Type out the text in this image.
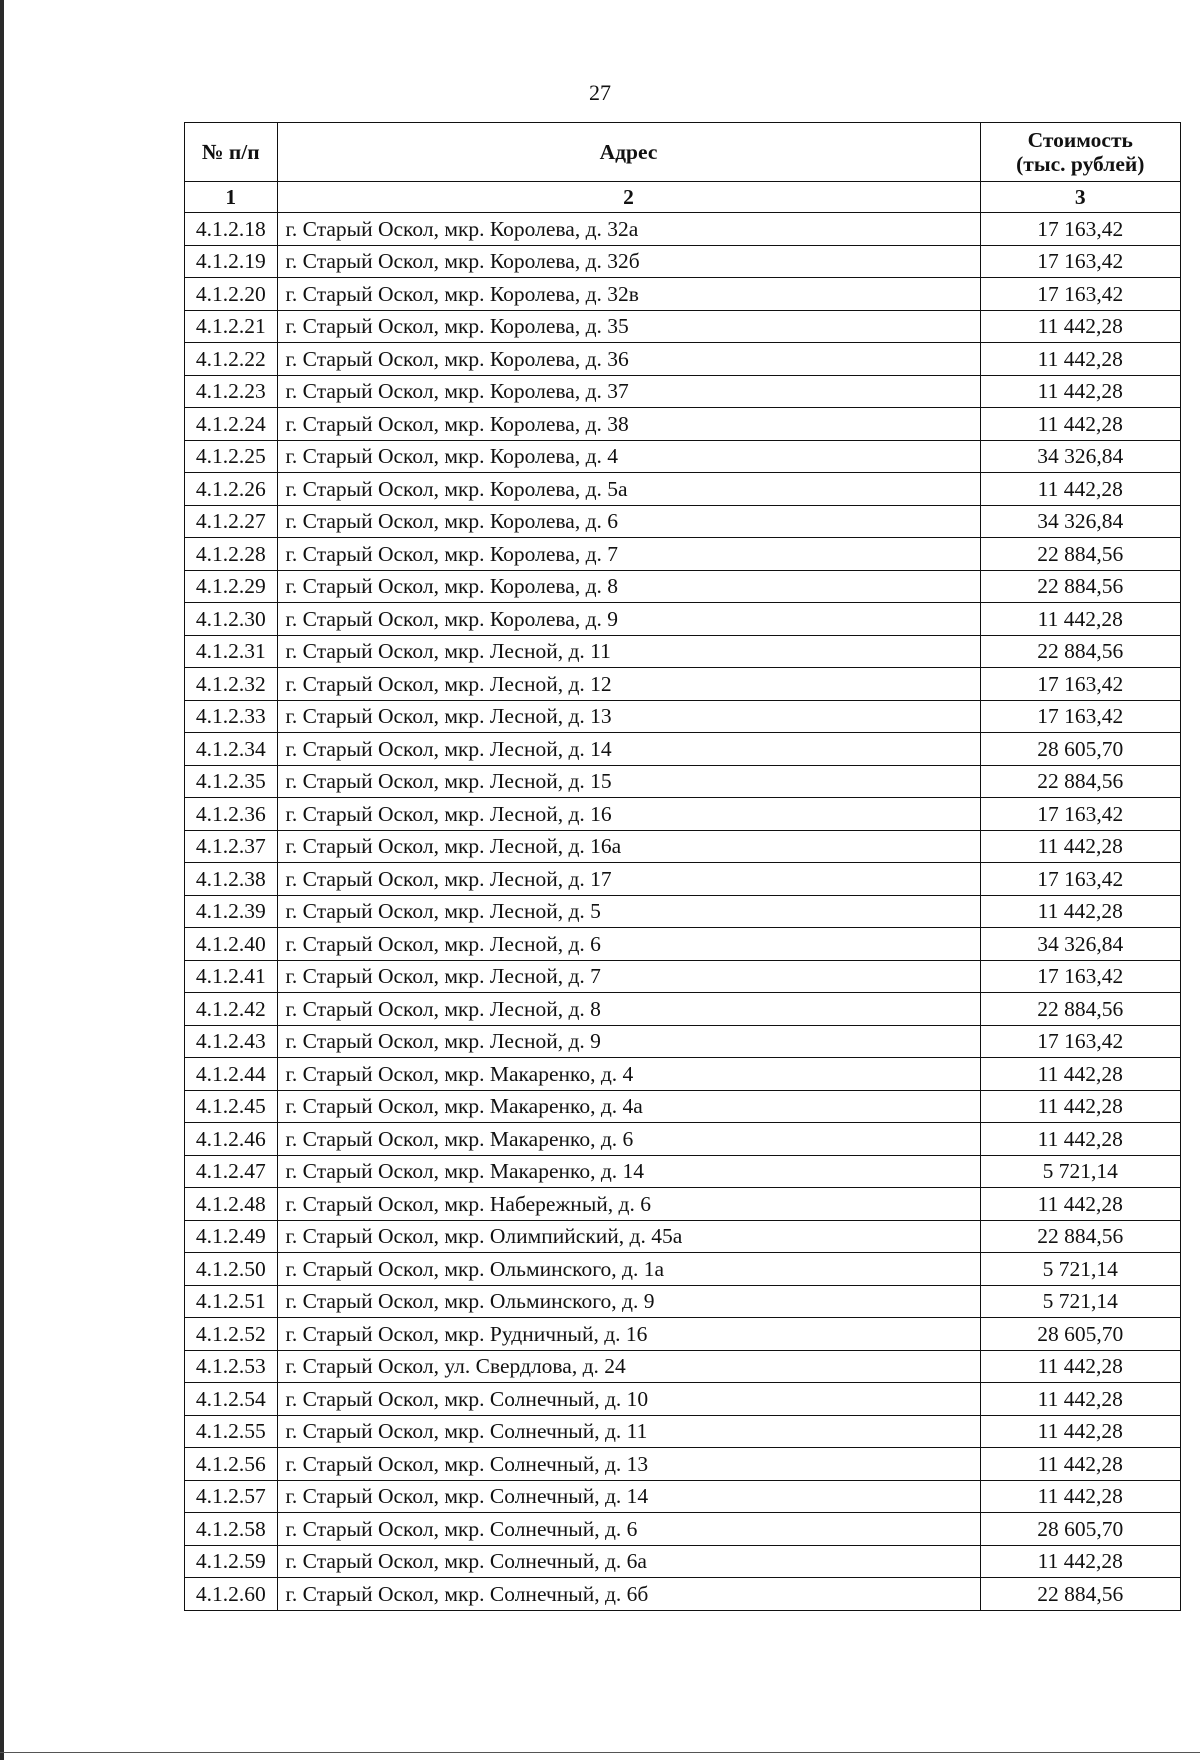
27
№ п/п	Адрес	Стоимость
(тыс. рублей)
1	2	3
4.1.2.18	г. Старый Оскол, мкр. Королева, д. 32а	17 163,42
4.1.2.19	г. Старый Оскол, мкр. Королева, д. 32б	17 163,42
4.1.2.20	г. Старый Оскол, мкр. Королева, д. 32в	17 163,42
4.1.2.21	г. Старый Оскол, мкр. Королева, д. 35	11 442,28
4.1.2.22	г. Старый Оскол, мкр. Королева, д. 36	11 442,28
4.1.2.23	г. Старый Оскол, мкр. Королева, д. 37	11 442,28
4.1.2.24	г. Старый Оскол, мкр. Королева, д. 38	11 442,28
4.1.2.25	г. Старый Оскол, мкр. Королева, д. 4	34 326,84
4.1.2.26	г. Старый Оскол, мкр. Королева, д. 5а	11 442,28
4.1.2.27	г. Старый Оскол, мкр. Королева, д. 6	34 326,84
4.1.2.28	г. Старый Оскол, мкр. Королева, д. 7	22 884,56
4.1.2.29	г. Старый Оскол, мкр. Королева, д. 8	22 884,56
4.1.2.30	г. Старый Оскол, мкр. Королева, д. 9	11 442,28
4.1.2.31	г. Старый Оскол, мкр. Лесной, д. 11	22 884,56
4.1.2.32	г. Старый Оскол, мкр. Лесной, д. 12	17 163,42
4.1.2.33	г. Старый Оскол, мкр. Лесной, д. 13	17 163,42
4.1.2.34	г. Старый Оскол, мкр. Лесной, д. 14	28 605,70
4.1.2.35	г. Старый Оскол, мкр. Лесной, д. 15	22 884,56
4.1.2.36	г. Старый Оскол, мкр. Лесной, д. 16	17 163,42
4.1.2.37	г. Старый Оскол, мкр. Лесной, д. 16а	11 442,28
4.1.2.38	г. Старый Оскол, мкр. Лесной, д. 17	17 163,42
4.1.2.39	г. Старый Оскол, мкр. Лесной, д. 5	11 442,28
4.1.2.40	г. Старый Оскол, мкр. Лесной, д. 6	34 326,84
4.1.2.41	г. Старый Оскол, мкр. Лесной, д. 7	17 163,42
4.1.2.42	г. Старый Оскол, мкр. Лесной, д. 8	22 884,56
4.1.2.43	г. Старый Оскол, мкр. Лесной, д. 9	17 163,42
4.1.2.44	г. Старый Оскол, мкр. Макаренко, д. 4	11 442,28
4.1.2.45	г. Старый Оскол, мкр. Макаренко, д. 4а	11 442,28
4.1.2.46	г. Старый Оскол, мкр. Макаренко, д. 6	11 442,28
4.1.2.47	г. Старый Оскол, мкр. Макаренко, д. 14	5 721,14
4.1.2.48	г. Старый Оскол, мкр. Набережный, д. 6	11 442,28
4.1.2.49	г. Старый Оскол, мкр. Олимпийский, д. 45а	22 884,56
4.1.2.50	г. Старый Оскол, мкр. Ольминского, д. 1а	5 721,14
4.1.2.51	г. Старый Оскол, мкр. Ольминского, д. 9	5 721,14
4.1.2.52	г. Старый Оскол, мкр. Рудничный, д. 16	28 605,70
4.1.2.53	г. Старый Оскол, ул. Свердлова, д. 24	11 442,28
4.1.2.54	г. Старый Оскол, мкр. Солнечный, д. 10	11 442,28
4.1.2.55	г. Старый Оскол, мкр. Солнечный, д. 11	11 442,28
4.1.2.56	г. Старый Оскол, мкр. Солнечный, д. 13	11 442,28
4.1.2.57	г. Старый Оскол, мкр. Солнечный, д. 14	11 442,28
4.1.2.58	г. Старый Оскол, мкр. Солнечный, д. 6	28 605,70
4.1.2.59	г. Старый Оскол, мкр. Солнечный, д. 6а	11 442,28
4.1.2.60	г. Старый Оскол, мкр. Солнечный, д. 6б	22 884,56
